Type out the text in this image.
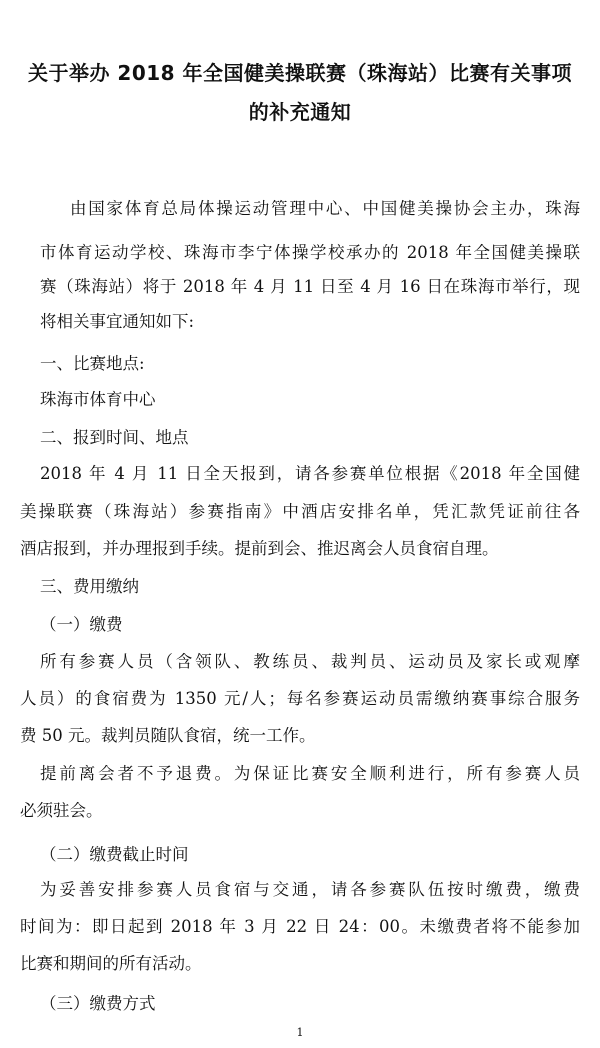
关于举办 2018 年全国健美操联赛（珠海站）比赛有关事项
的补充通知
由国家体育总局体操运动管理中心、中国健美操协会主办，珠海
市体育运动学校、珠海市李宁体操学校承办的 2018 年全国健美操联
赛（珠海站）将于 2018 年 4 月 11 日至 4 月 16 日在珠海市举行，现
将相关事宜通知如下:
一、比赛地点:
珠海市体育中心
二、报到时间、地点
2018 年 4 月 11 日全天报到，请各参赛单位根据《2018 年全国健
美操联赛（珠海站）参赛指南》中酒店安排名单，凭汇款凭证前往各
酒店报到，并办理报到手续。提前到会、推迟离会人员食宿自理。
三、费用缴纳
（一）缴费
所有参赛人员（含领队、教练员、裁判员、运动员及家长或观摩
人员）的食宿费为 1350 元/人；每名参赛运动员需缴纳赛事综合服务
费 50 元。裁判员随队食宿，统一工作。
提前离会者不予退费。为保证比赛安全顺利进行，所有参赛人员
必须驻会。
（二）缴费截止时间
为妥善安排参赛人员食宿与交通，请各参赛队伍按时缴费，缴费
时间为：即日起到 2018 年 3 月 22 日 24：00。未缴费者将不能参加
比赛和期间的所有活动。
（三）缴费方式
1
